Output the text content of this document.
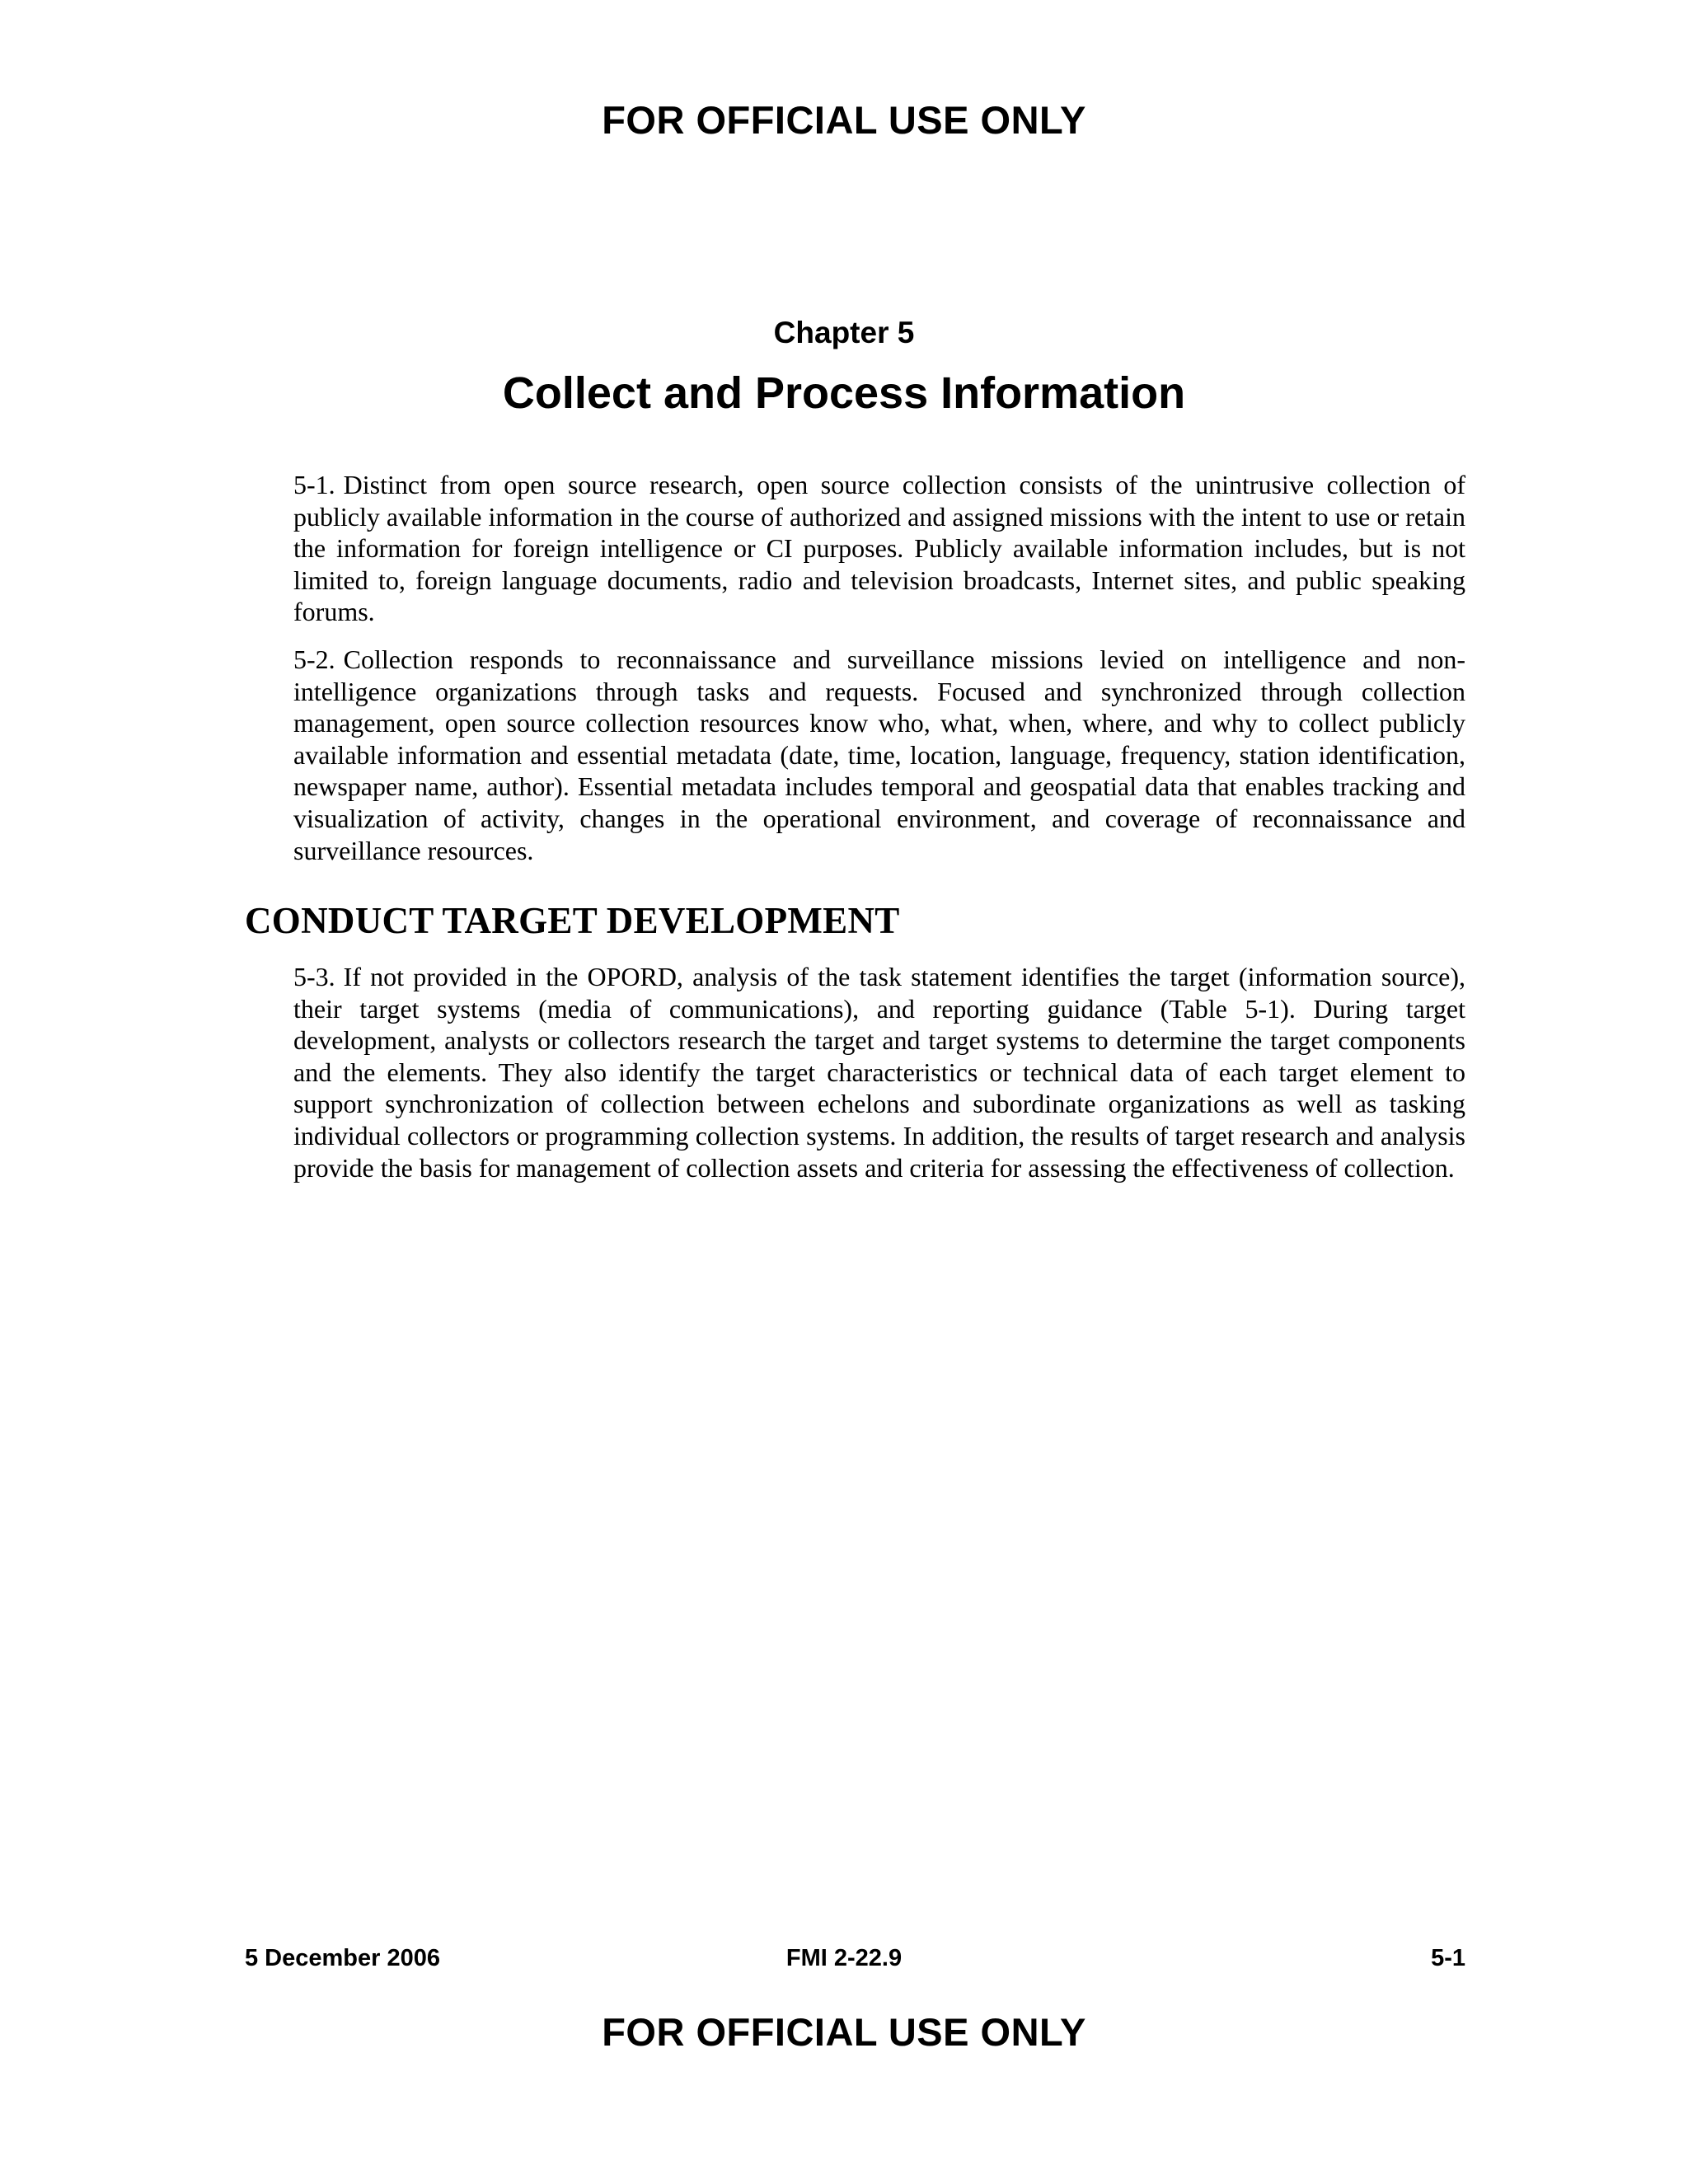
FOR OFFICIAL USE ONLY
Chapter 5
Collect and Process Information

5-1. Distinct from open source research, open source collection consists of the unintrusive collection of publicly available information in the course of authorized and assigned missions with the intent to use or retain the information for foreign intelligence or CI purposes. Publicly available information includes, but is not limited to, foreign language documents, radio and television broadcasts, Internet sites, and public speaking forums.

5-2. Collection responds to reconnaissance and surveillance missions levied on intelligence and non-intelligence organizations through tasks and requests. Focused and synchronized through collection management, open source collection resources know who, what, when, where, and why to collect publicly available information and essential metadata (date, time, location, language, frequency, station identification, newspaper name, author). Essential metadata includes temporal and geospatial data that enables tracking and visualization of activity, changes in the operational environment, and coverage of reconnaissance and surveillance resources.

CONDUCT TARGET DEVELOPMENT

5-3. If not provided in the OPORD, analysis of the task statement identifies the target (information source), their target systems (media of communications), and reporting guidance (Table 5-1). During target development, analysts or collectors research the target and target systems to determine the target components and the elements. They also identify the target characteristics or technical data of each target element to support synchronization of collection between echelons and subordinate organizations as well as tasking individual collectors or programming collection systems. In addition, the results of target research and analysis provide the basis for management of collection assets and criteria for assessing the effectiveness of collection.

5 December 2006	FMI 2-22.9	5-1
FOR OFFICIAL USE ONLY
